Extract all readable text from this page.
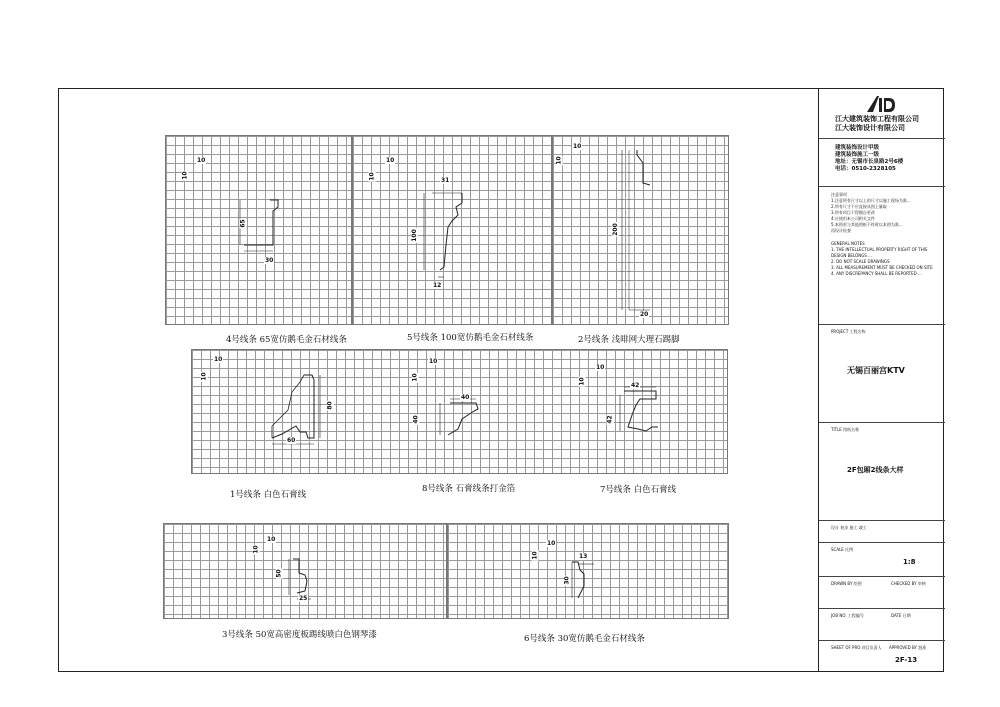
10
10
65
30
10
10	31
100
12
10
10
200
20
10
10
80
60
10
10
40
40
10
10	42
42
10
10
50
25
10
10	13
30
4号线条 65宽仿鹅毛金石材线条	5号线条 100宽仿鹅毛金石材线条	2号线条 浅啡网大理石踢脚
1号线条 白色石膏线
8号线条 石膏线条打金箔	7号线条 白色石膏线
3号线条 50宽高密度板踢线喷白色钢琴漆	6号线条 30宽仿鹅毛金石材线条
江大建筑装饰工程有限公司
江大装饰设计有限公司
建筑装饰设计甲级
建筑装饰施工一级
地址：无锡市长泉路2号6楼
电话：0510-2328105
注意事项
1.注意所有尺寸以上的尺寸以施工现场为准...
2.所有尺寸不应直接从图上量取
3.所有项目不得擅自更改
4.应使用本公司相关文件
5.本图若与其他图纸不符时以本图为准...
再设计检查
GENERAL NOTES
1. THE INTELLECTUAL PROPERTY RIGHT OF THIS DESIGN BELONGS ...
2. DO NOT SCALE DRAWINGS
3. ALL MEASUREMENT MUST BE CHECKED ON SITE
4. ANY DISCREPANCY SHALL BE REPORTED ...
PROJECT 工程名称
无锡百丽宫KTV
TITLE 图纸名称
2F包厢2线条大样
设计 初步 施工 竣工
SCALE 比例
1:8
DRAWN BY 绘图	CHECKED BY 审核
JOB NO. 工程编号	DATE 日期
SHEET OF PRO 项目负责人 APPROVED BY 批准
2F-13
